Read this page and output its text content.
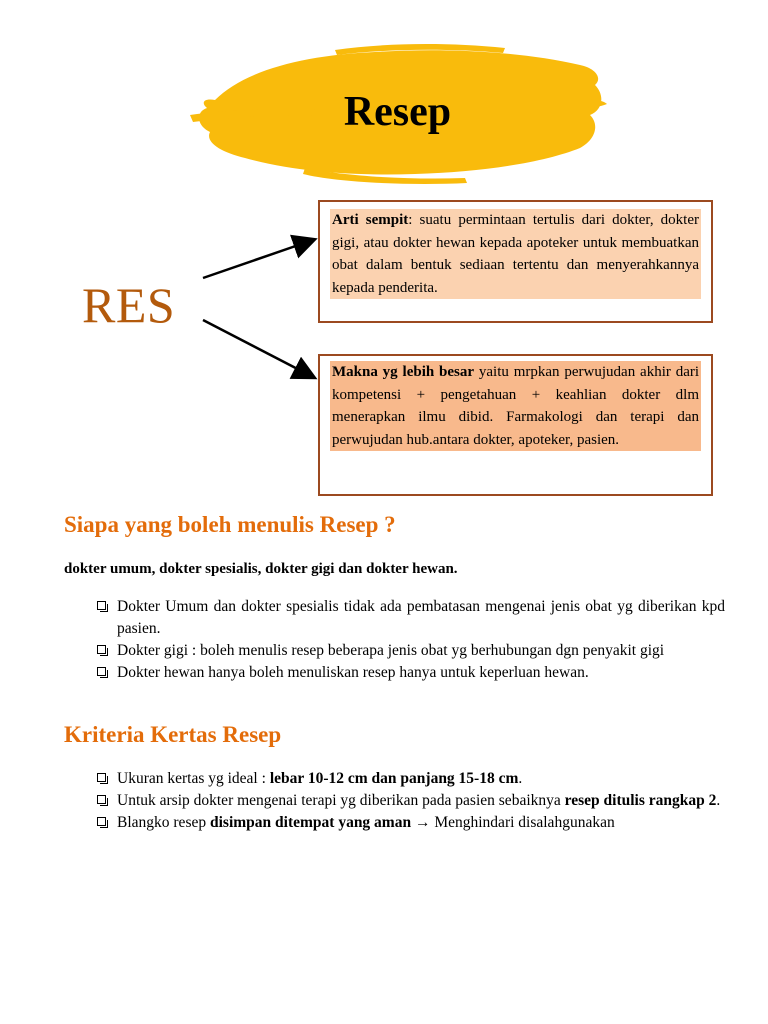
Resep
RES
Arti sempit: suatu permintaan tertulis dari dokter, dokter gigi, atau dokter hewan kepada apoteker untuk membuatkan obat dalam bentuk sediaan tertentu dan menyerahkannya kepada penderita.
Makna yg lebih besar yaitu mrpkan perwujudan akhir dari kompetensi + pengetahuan + keahlian dokter dlm menerapkan ilmu dibid. Farmakologi dan terapi dan perwujudan hub.antara dokter, apoteker, pasien.
Siapa yang boleh menulis Resep ?
dokter umum, dokter spesialis, dokter gigi dan dokter hewan.
Dokter Umum dan dokter spesialis tidak ada pembatasan mengenai jenis obat yg diberikan kpd pasien.
Dokter gigi : boleh menulis resep beberapa jenis obat yg berhubungan dgn penyakit gigi
Dokter hewan hanya boleh menuliskan resep hanya untuk keperluan hewan.
Kriteria Kertas Resep
Ukuran kertas yg ideal : lebar 10-12 cm dan panjang 15-18 cm.
Untuk arsip dokter mengenai terapi yg diberikan pada pasien sebaiknya resep ditulis rangkap 2.
Blangko resep disimpan ditempat yang aman → Menghindari disalahgunakan
